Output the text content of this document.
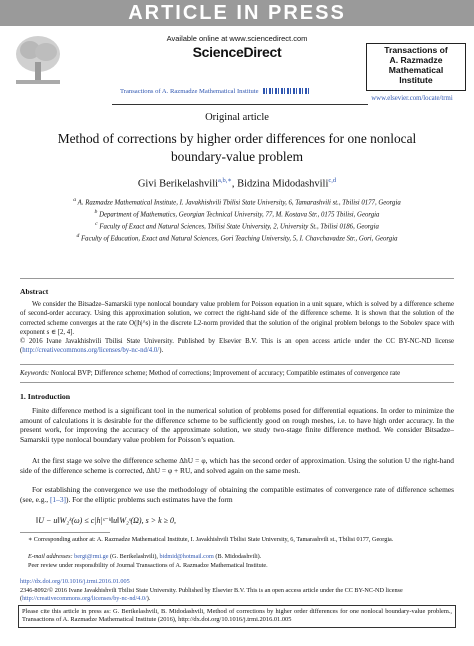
ARTICLE IN PRESS
Available online at www.sciencedirect.com
ScienceDirect
Transactions of A. Razmadze Mathematical Institute
Transactions of
A. Razmadze
Mathematical
Institute
www.elsevier.com/locate/trmi
Original article
Method of corrections by higher order differences for one nonlocal
boundary-value problem
Givi Berikelashvili$^{a,b,∗}$, Bidzina Midodashvili$^{c,d}$
$^a$ A. Razmadze Mathematical Institute, I. Javakhishvili Tbilisi State University, 6, Tamarashvili st., Tbilisi 0177, Georgia
$^b$ Department of Mathematics, Georgian Technical University, 77, M. Kostava Str., 0175 Tbilisi, Georgia
$^c$ Faculty of Exact and Natural Sciences, Tbilisi State University, 2, University St., Tbilisi 0186, Georgia
$^d$ Faculty of Education, Exact and Natural Sciences, Gori Teaching University, 5, I. Chavchavadze Str., Gori, Georgia
Abstract
We consider the Bitsadze–Samarskii type nonlocal boundary value problem for Poisson equation in a unit square, which is solved by a difference scheme of second-order accuracy. Using this approximation solution, we correct the right-hand side of the difference scheme. It is shown that the solution of the corrected scheme converges at the rate O(|h|^s) in the discrete L2-norm provided that the solution of the original problem belongs to the Sobolev space with exponent s ∈ [2, 4].
© 2016 Ivane Javakhishvili Tbilisi State University. Published by Elsevier B.V. This is an open access article under the CC BY-NC-ND license (http://creativecommons.org/licenses/by-nc-nd/4.0/).
Keywords: Nonlocal BVP; Difference scheme; Method of corrections; Improvement of accuracy; Compatible estimates of convergence rate
1. Introduction
Finite difference method is a significant tool in the numerical solution of problems posed for differential equations. In order to minimize the amount of calculations it is desirable for the difference scheme to be sufficiently good on rough meshes, i.e. to have high order accuracy. In the present work, for improving the accuracy of the approximate solution, we study two-stage finite difference method. We consider Bitsadze–Samarskii type nonlocal boundary value problem for Poisson’s equation.
At the first stage we solve the difference scheme ΔhU = φ, which has the second order of approximation. Using the solution U the right-hand side of the difference scheme is corrected, ΔhU = φ + RU, and solved again on the same mesh.
For establishing the convergence we use the methodology of obtaining the compatible estimates of convergence rate of difference schemes (see, e.g., [1–3]). For the elliptic problems such estimates have the form
‖U − u‖W₂ᵏ(ω) ≤ c|h|ˢ⁻ᵏ‖u‖W₂ˢ(Ω), s > k ≥ 0,
∗ Corresponding author at: A. Razmadze Mathematical Institute, I. Javakhishvili Tbilisi State University, 6, Tamarashvili st., Tbilisi 0177, Georgia.
E-mail addresses: bergi@rmi.ge (G. Berikelashvili), bidmid@hotmail.com (B. Midodashvili).
Peer review under responsibility of Journal Transactions of A. Razmadze Mathematical Institute.
http://dx.doi.org/10.1016/j.trmi.2016.01.005
2346-8092/© 2016 Ivane Javakhishvili Tbilisi State University. Published by Elsevier B.V. This is an open access article under the CC BY-NC-ND license (http://creativecommons.org/licenses/by-nc-nd/4.0/).
Please cite this article in press as: G. Berikelashvili, B. Midodashvili, Method of corrections by higher order differences for one nonlocal boundary-value problem., Transactions of A. Razmadze Mathematical Institute (2016), http://dx.doi.org/10.1016/j.trmi.2016.01.005
